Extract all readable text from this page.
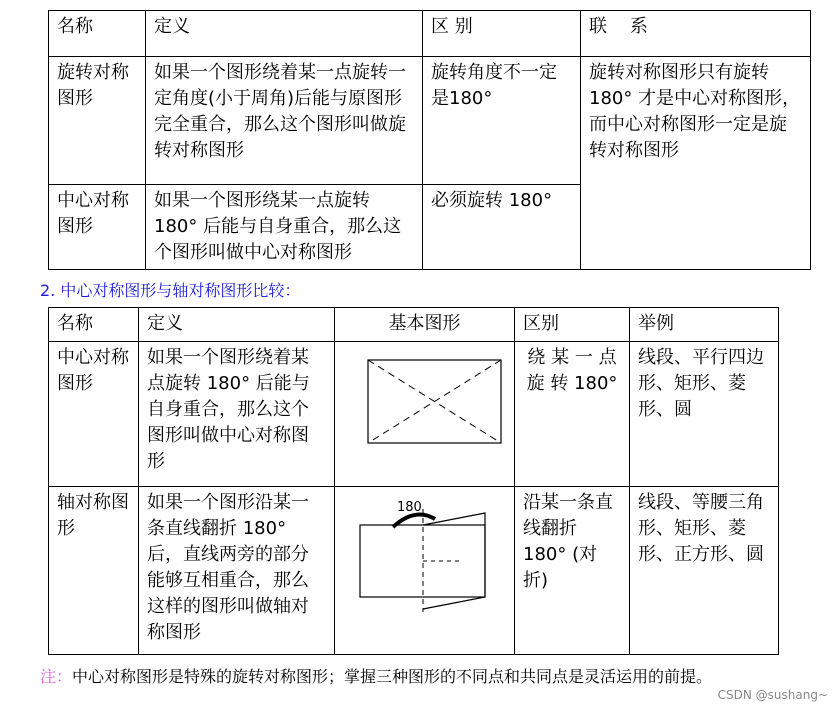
名称	定义	区 别	联    系
旋转对称图形	如果一个图形绕着某一点旋转一定角度(小于周角)后能与原图形完全重合，那么这个图形叫做旋转对称图形	旋转角度不一定是180°	旋转对称图形只有旋转 180° 才是中心对称图形，而中心对称图形一定是旋转对称图形
中心对称图形	如果一个图形绕某一点旋转 180° 后能与自身重合，那么这个图形叫做中心对称图形	必须旋转 180°	
2. 中心对称图形与轴对称图形比较：
名称	定义	基本图形	区别	举例
中心对称图形	如果一个图形绕着某点旋转 180° 后能与自身重合，那么这个图形叫做中心对称图形		绕 某 一 点 旋 转 180°	线段、平行四边形、矩形、菱形、圆
轴对称图形	如果一个图形沿某一条直线翻折 180° 后，直线两旁的部分能够互相重合，那么这样的图形叫做轴对称图形	180	沿某一条直线翻折 180° (对折)	线段、等腰三角形、矩形、菱形、正方形、圆
注：中心对称图形是特殊的旋转对称图形；掌握三种图形的不同点和共同点是灵活运用的前提。
CSDN @sushang~
